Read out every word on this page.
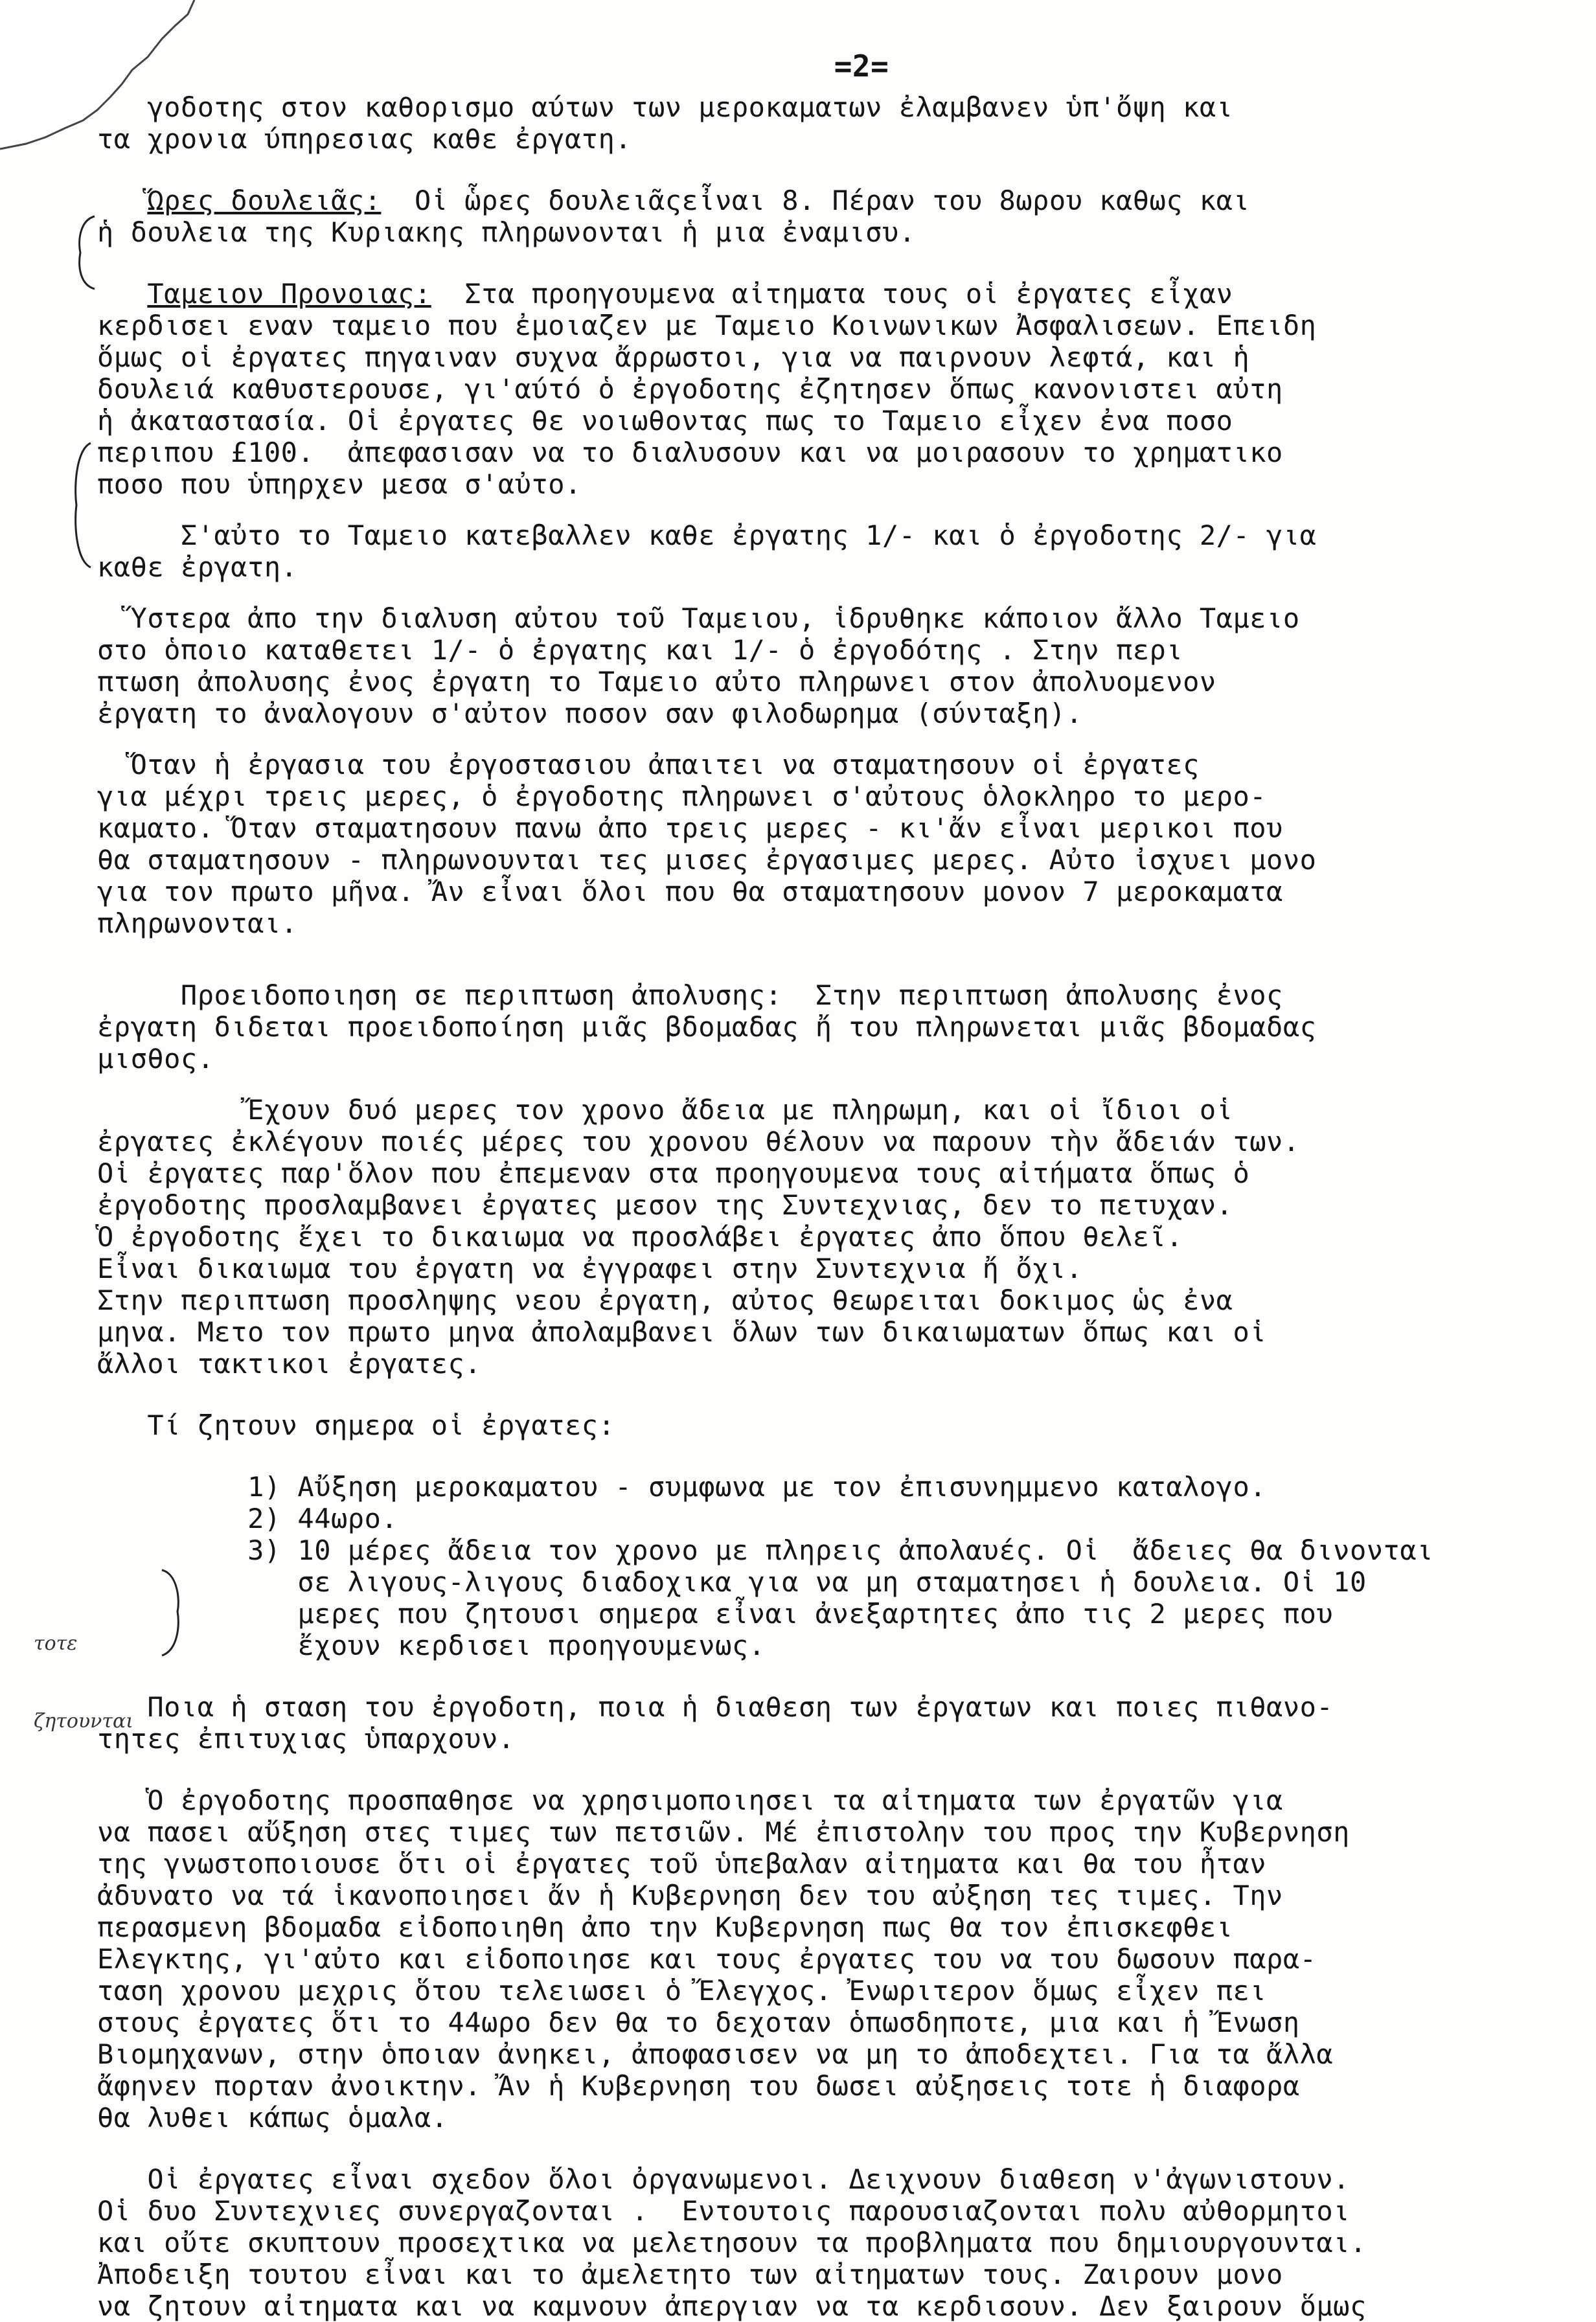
=2=
γοδοτης στον καθορισμο αύτων των μεροκαματων ἐλαμβανεν ὑπ'ὄψη και
τα χρονια ύπηρεσιας καθε ἐργατη.
Ὥρες δουλειᾶς:  Οἱ ὧρες δουλειᾶςεἶναι 8. Πέραν του 8ωρου καθως και
ἡ δουλεια της Κυριακης πληρωνονται ἡ μια ἐναμισυ.
Ταμειον Προνοιας:  Στα προηγουμενα αἰτηματα τους οἱ ἐργατες εἶχαν
κερδισει εναν ταμειο που ἐμοιαζεν με Ταμειο Κοινωνικων Ἀσφαλισεων. Επειδη
ὅμως οἱ ἐργατες πηγαιναν συχνα ἄρρωστοι, για να παιρνουν λεφτά, και ἡ
δουλειά καθυστερουσε, γι'αύτό ὁ ἐργοδοτης ἐζητησεν ὅπως κανονιστει αὐτη
ἡ ἀκαταστασία. Οἱ ἐργατες θε νοιωθοντας πως το Ταμειο εἶχεν ἐνα ποσο
περιπου £100.  ἀπεφασισαν να το διαλυσουν και να μοιρασουν το χρηματικο
ποσο που ὑπηρχεν μεσα σ'αὐτο.
Σ'αὐτο το Ταμειο κατεβαλλεν καθε ἐργατης 1/- και ὁ ἐργοδοτης 2/- για
καθε ἐργατη.
Ὕστερα ἀπο την διαλυση αὐτου τοῦ Ταμειου, ἱδρυθηκε κάποιον ἄλλο Ταμειο
στο ὁποιο καταθετει 1/- ὁ ἐργατης και 1/- ὁ ἐργοδότης . Στην περι
πτωση ἀπολυσης ἐνος ἐργατη το Ταμειο αὐτο πληρωνει στον ἀπολυομενον
ἐργατη το ἀναλογουν σ'αὐτον ποσον σαν φιλοδωρημα (σύνταξη).
Ὅταν ἡ ἐργασια του ἐργοστασιου ἀπαιτει να σταματησουν οἱ ἐργατες
για μέχρι τρεις μερες, ὁ ἐργοδοτης πληρωνει σ'αὐτους ὁλοκληρο το μερο-
καματο. Ὅταν σταματησουν πανω ἀπο τρεις μερες - κι'ἄν εἶναι μερικοι που
θα σταματησουν - πληρωνουνται τες μισες ἐργασιμες μερες. Αὐτο ἰσχυει μονο
για τον πρωτο μῆνα. Ἄν εἶναι ὅλοι που θα σταματησουν μονον 7 μεροκαματα
πληρωνονται.
Προειδοποιηση σε περιπτωση ἀπολυσης:  Στην περιπτωση ἀπολυσης ἐνος
ἐργατη διδεται προειδοποίηση μιᾶς βδομαδας ἤ του πληρωνεται μιᾶς βδομαδας
μισθος.
Ἔχουν δυό μερες τον χρονο ἄδεια με πληρωμη, και οἱ ἴδιοι οἱ
ἐργατες ἐκλέγουν ποιές μέρες του χρονου θέλουν να παρουν τὴν ἄδειάν των.
Οἱ ἐργατες παρ'ὅλον που ἐπεμεναν στα προηγουμενα τους αἰτήματα ὅπως ὁ
ἐργοδοτης προσλαμβανει ἐργατες μεσον της Συντεχνιας, δεν το πετυχαν.
Ὁ ἐργοδοτης ἔχει το δικαιωμα να προσλάβει ἐργατες ἀπο ὅπου θελεῖ.
Εἶναι δικαιωμα του ἐργατη να ἐγγραφει στην Συντεχνια ἤ ὄχι.
Στην περιπτωση προσληψης νεου ἐργατη, αὐτος θεωρειται δοκιμος ὡς ἐνα
μηνα. Μετο τον πρωτο μηνα ἀπολαμβανει ὅλων των δικαιωματων ὅπως και οἱ
ἄλλοι τακτικοι ἐργατες.
Τί ζητουν σημερα οἱ ἐργατες:
1) Αὔξηση μεροκαματου - συμφωνα με τον ἐπισυνημμενο καταλογο.
2) 44ωρο.
3) 10 μέρες ἄδεια τον χρονο με πληρεις ἀπολαυές. Οἱ  ἄδειες θα δινονται
σε λιγους-λιγους διαδοχικα για να μη σταματησει ἡ δουλεια. Οἱ 10
μερες που ζητουσι σημερα εἶναι ἀνεξαρτητες ἀπο τις 2 μερες που
ἔχουν κερδισει προηγουμενως.
Ποια ἡ σταση του ἐργοδοτη, ποια ἡ διαθεση των ἐργατων και ποιες πιθανο-
τητες ἐπιτυχιας ὑπαρχουν.
Ὁ ἐργοδοτης προσπαθησε να χρησιμοποιησει τα αἰτηματα των ἐργατῶν για
να πασει αὔξηση στες τιμες των πετσιῶν. Μέ ἐπιστολην του προς την Κυβερνηση
της γνωστοποιουσε ὅτι οἱ ἐργατες τοῦ ὑπεβαλαν αἰτηματα και θα του ἦταν
ἀδυνατο να τά ἱκανοποιησει ἄν ἡ Κυβερνηση δεν του αὐξηση τες τιμες. Την
περασμενη βδομαδα εἰδοποιηθη ἀπο την Κυβερνηση πως θα τον ἐπισκεφθει
Ελεγκτης, γι'αὐτο και εἰδοποιησε και τους ἐργατες του να του δωσουν παρα-
ταση χρονου μεχρις ὅτου τελειωσει ὁ Ἔλεγχος. Ἐνωριτερον ὅμως εἶχεν πει
στους ἐργατες ὅτι το 44ωρο δεν θα το δεχοταν ὁπωσδηποτε, μια και ἡ Ἔνωση
Βιομηχανων, στην ὁποιαν ἀνηκει, ἀποφασισεν να μη το ἀποδεχτει. Για τα ἄλλα
ἄφηνεν πορταν ἀνοικτην. Ἄν ἡ Κυβερνηση του δωσει αὐξησεις τοτε ἡ διαφορα
θα λυθει κάπως ὁμαλα.
Οἱ ἐργατες εἶναι σχεδον ὅλοι ὀργανωμενοι. Δειχνουν διαθεση ν'ἀγωνιστουν.
Οἱ δυο Συντεχνιες συνεργαζονται .  Εντουτοις παρουσιαζονται πολυ αὐθορμητοι
και οὔτε σκυπτουν προσεχτικα να μελετησουν τα προβληματα που δημιουργουνται.
Ἀποδειξη τουτου εἶναι και το ἀμελετητο των αἰτηματων τους. Ζαιρουν μονο
να ζητουν αἰτηματα και να καμνουν ἀπεργιαν να τα κερδισουν. Δεν ξαιρουν ὅμως

τοτε

ζητουνται
